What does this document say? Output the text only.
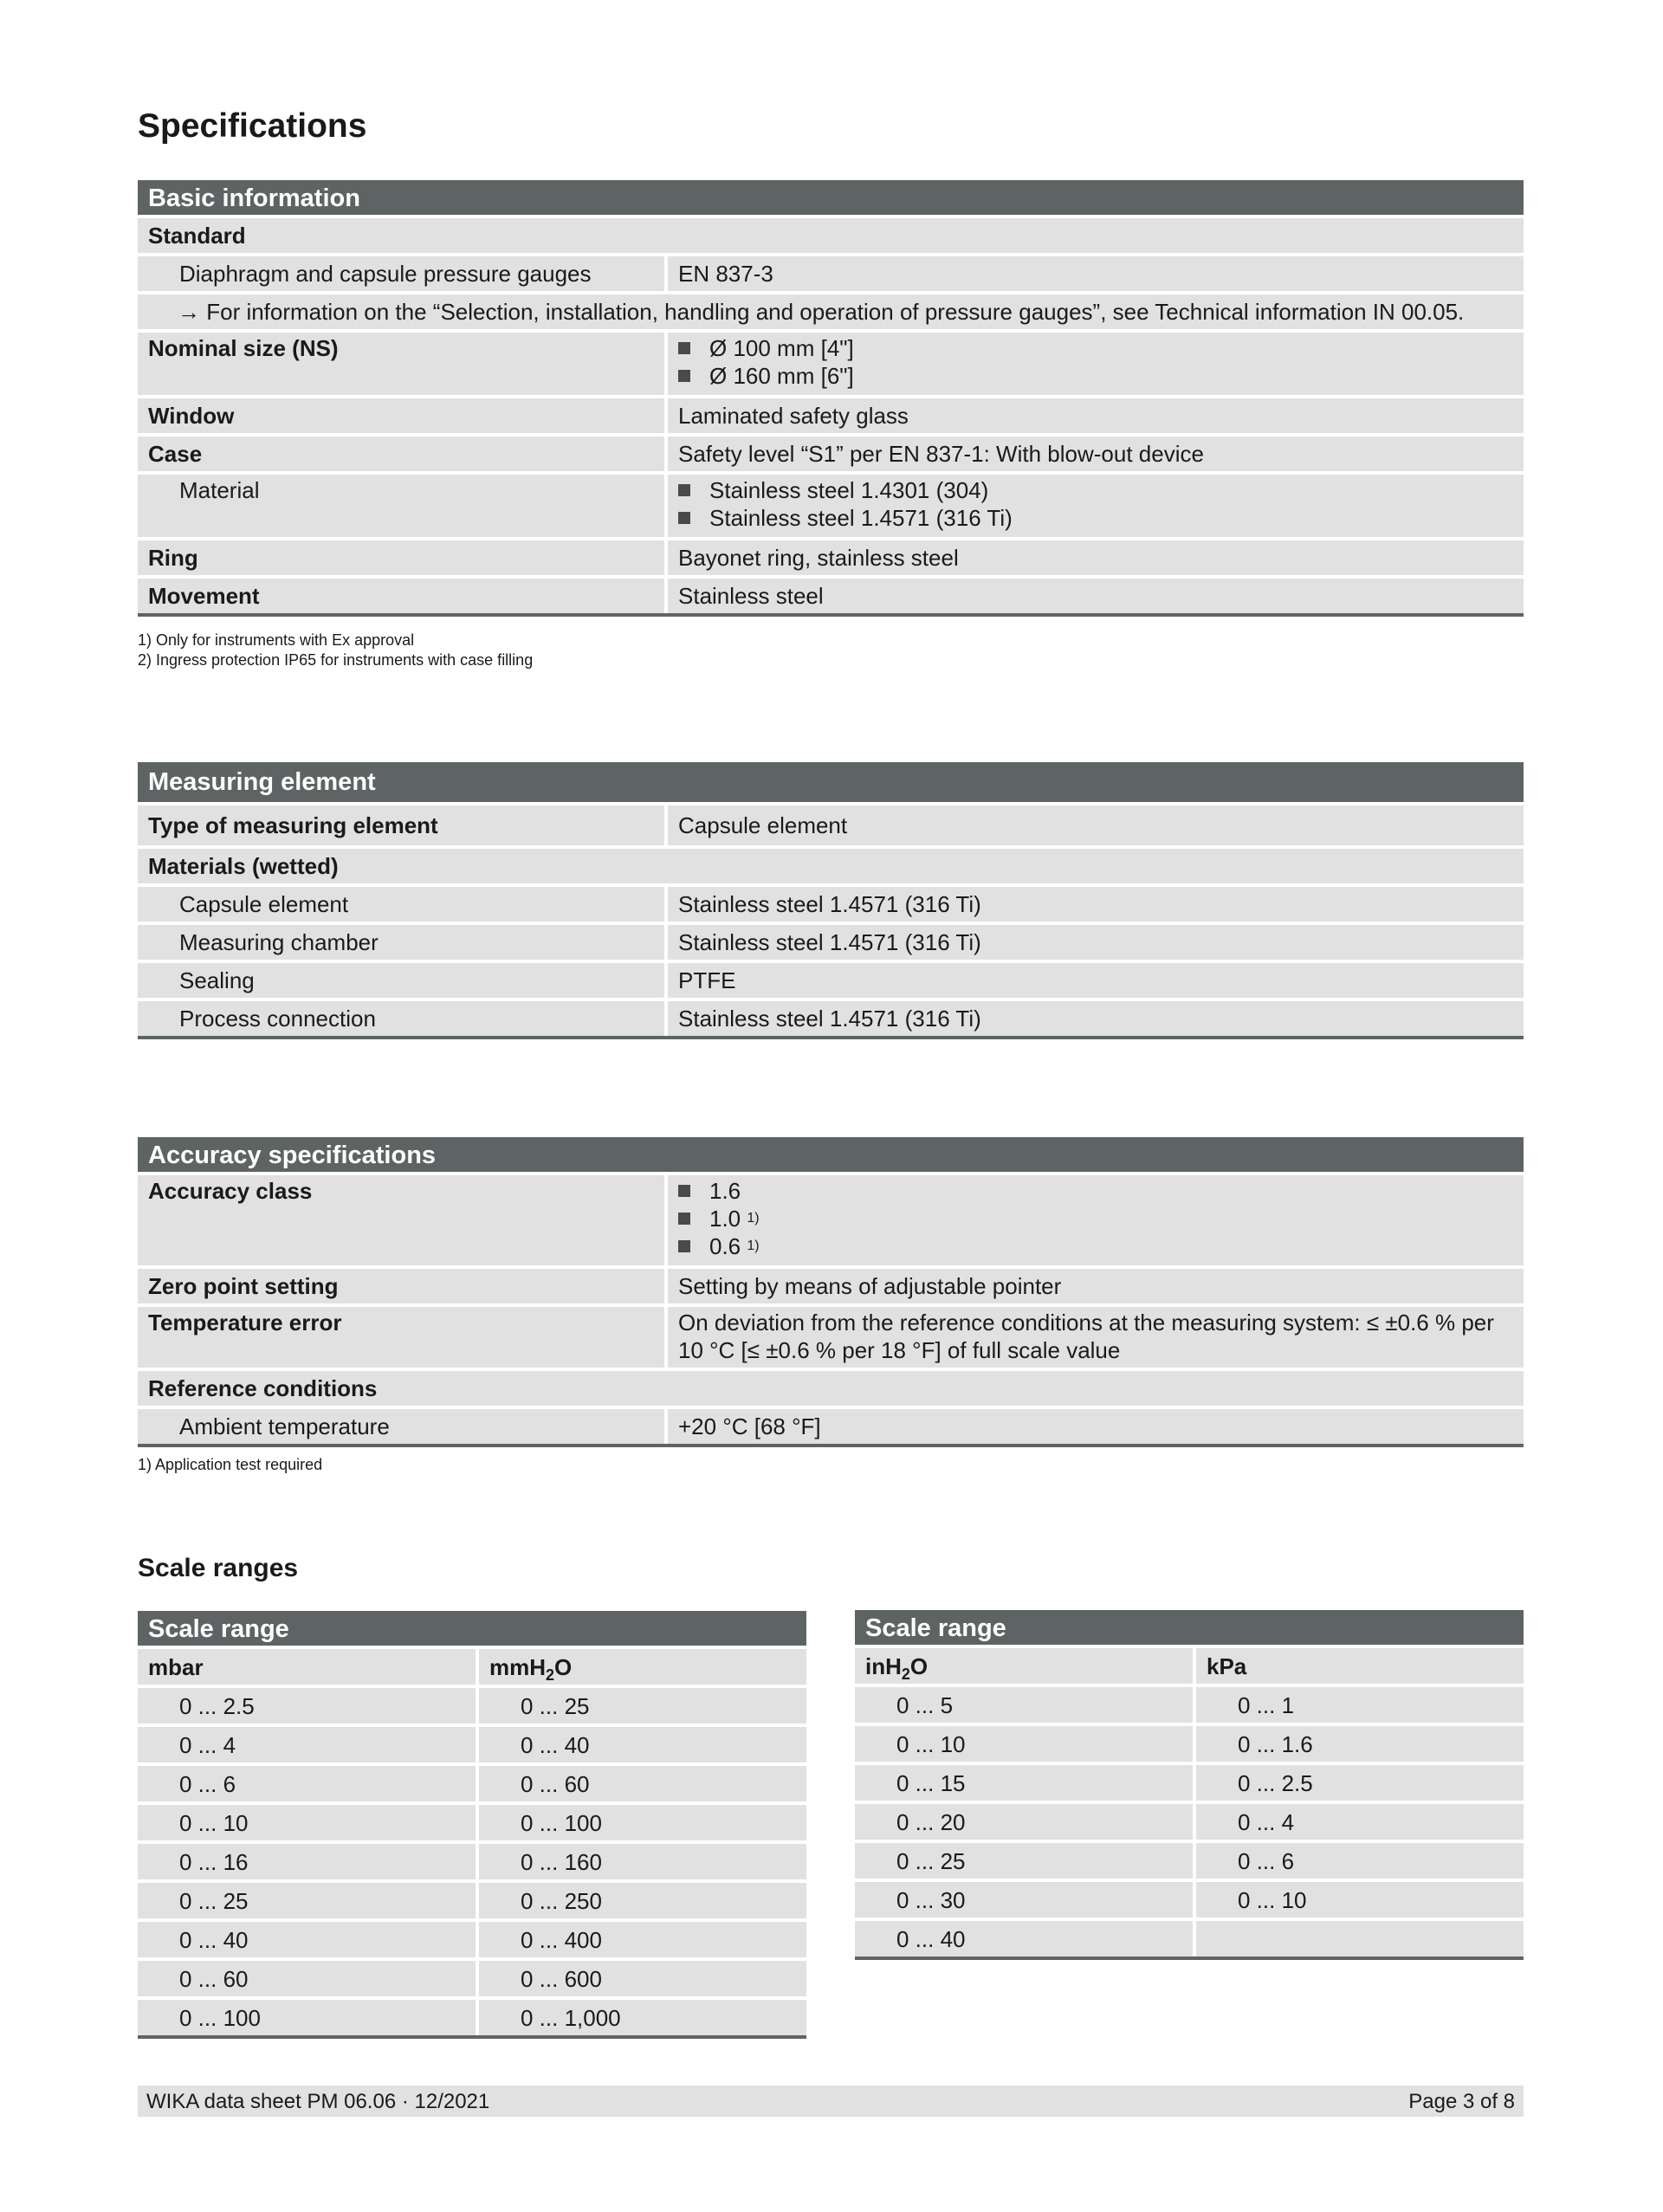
Specifications
Basic information
Standard
Diaphragm and capsule pressure gauges	EN 837-3
→ For information on the “Selection, installation, handling and operation of pressure gauges”, see Technical information IN 00.05.
Nominal size (NS)	Ø 100 mm [4"]
Ø 160 mm [6"]
Window	Laminated safety glass
Case	Safety level “S1” per EN 837-1: With blow-out device
Material	Stainless steel 1.4301 (304)
Stainless steel 1.4571 (316 Ti)
Ring	Bayonet ring, stainless steel
Movement	Stainless steel
1) Only for instruments with Ex approval
2) Ingress protection IP65 for instruments with case filling
Measuring element
Type of measuring element	Capsule element
Materials (wetted)
Capsule element	Stainless steel 1.4571 (316 Ti)
Measuring chamber	Stainless steel 1.4571 (316 Ti)
Sealing	PTFE
Process connection	Stainless steel 1.4571 (316 Ti)
Accuracy specifications
Accuracy class	1.6
1.0
1)
0.6
1)
Zero point setting	Setting by means of adjustable pointer
Temperature error	On deviation from the reference conditions at the measuring system: ≤ ±0.6 % per
10 °C [≤ ±0.6 % per 18 °F] of full scale value
Reference conditions
Ambient temperature	+20 °C [68 °F]
1) Application test required
Scale ranges
Scale range
mbar	mmH$_2$O
0 ... 2.5	0 ... 25
0 ... 4	0 ... 40
0 ... 6	0 ... 60
0 ... 10	0 ... 100
0 ... 16	0 ... 160
0 ... 25	0 ... 250
0 ... 40	0 ... 400
0 ... 60	0 ... 600
0 ... 100	0 ... 1,000
Scale range
inH$_2$O	kPa
0 ... 5	0 ... 1
0 ... 10	0 ... 1.6
0 ... 15	0 ... 2.5
0 ... 20	0 ... 4
0 ... 25	0 ... 6
0 ... 30	0 ... 10
0 ... 40
WIKA data sheet PM 06.06 · 12/2021	Page 3 of 8
